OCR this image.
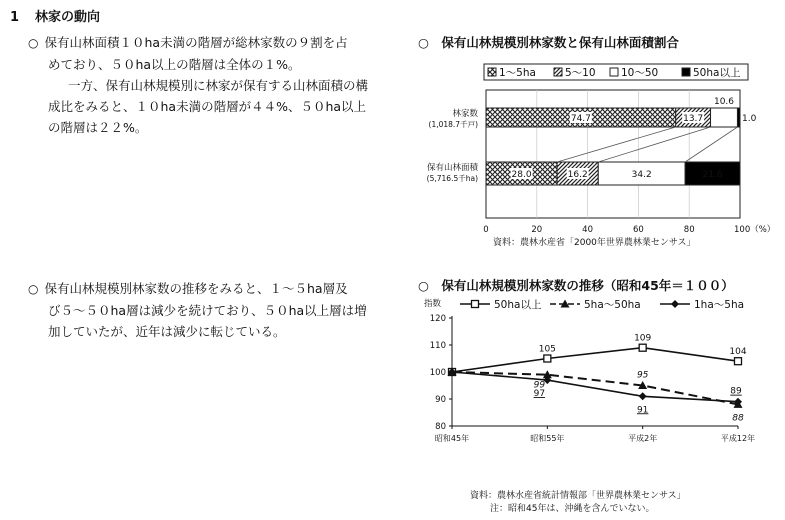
1 林家の動向
○ 保有山林面積１０ha未満の階層が総林家数の９割を占
めており、５０ha以上の階層は全体の１%。
一方、保有山林規模別に林家が保有する山林面積の構
成比をみると、１０ha未満の階層が４４%、５０ha以上
の階層は２２%。
○ 保有山林規模別林家数の推移をみると、１～５ha層及
び５～５０ha層は減少を続けており、５０ha以上層は増
加していたが、近年は減少に転じている。
○　保有山林規模別林家数と保有山林面積割合
1～5ha	5～10 10～50	50ha以上
林家数
(1,018.7千戸)
保有山林面積
(5,716.5千ha)
74.7	13.7
10.6
1.0
28.0	16.2	34.2	21.6
0	20	40	60	80	100（%）
資料：農林水産省「2000年世界農林業センサス」
○　保有山林規模別林家数の推移（昭和45年＝１００）
50ha以上	5ha～50ha	1ha～5ha
指数
80
90
100
110
120
昭和45年	昭和55年	平成2年	平成12年
105
109
104
99
95
88
97
91
89
資料：農林水産省統計情報部「世界農林業センサス」
注：昭和45年は、沖縄を含んでいない。
